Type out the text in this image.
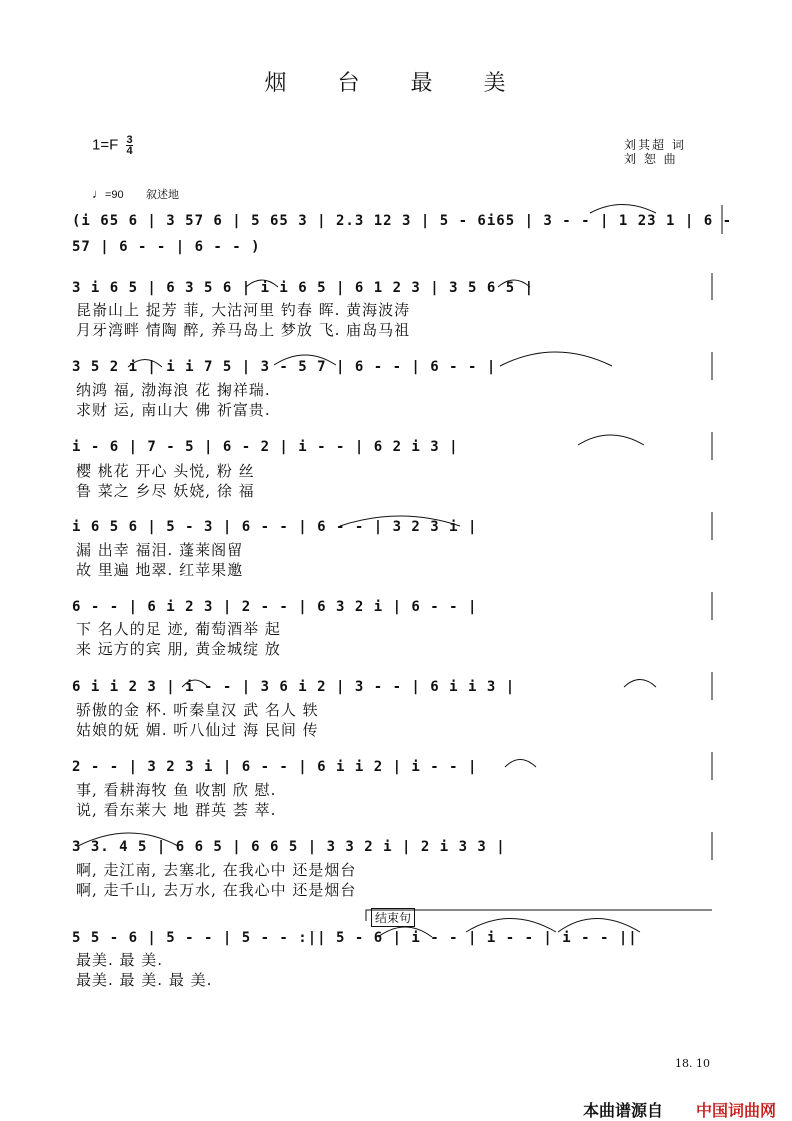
烟 台 最 美
$1=F \frac{3}{4}$	刘其超 词
刘 恕 曲
♩=90 叙述地
(i 65 6 | 3 57 6 | 5 65 3 | 2.3 12 3 | 5 - 6i65 | 3 - - | 1 23 1 | 6 - 57 | 6 - - | 6 - - )
3 i 6 5 | 6 3 5 6 | i i 6 5 | 6 1 2 3 | 3 5 6 5 |
昆嵛山上 捉芳 菲, 大沽河里 钓春 晖. 黄海波涛
月牙湾畔 情陶 醉, 养马岛上 梦放 飞. 庙岛马祖
3 5 2 i | i i 7 5 | 3 - 5 7 | 6 - - | 6 - - |
纳鸿 福, 渤海浪 花 掬祥瑞.
求财 运, 南山大 佛 祈富贵.
i - 6 | 7 - 5 | 6 - 2 | i - - | 6 2 i 3 |
樱 桃花 开心 头悦, 粉 丝
鲁 菜之 乡尽 妖娆, 徐 福
i 6 5 6 | 5 - 3 | 6 - - | 6 - - | 3 2 3 i |
漏 出幸 福泪. 蓬莱阁留
故 里遍 地翠. 红苹果邀
6 - - | 6 i 2 3 | 2 - - | 6 3 2 i | 6 - - |
下 名人的足 迹, 葡萄酒举 起
来 远方的宾 朋, 黄金城绽 放
6 i i 2 3 | i - - | 3 6 i 2 | 3 - - | 6 i i 3 |
骄傲的金 杯. 听秦皇汉 武 名人 轶
姑娘的妩 媚. 听八仙过 海 民间 传
2 - - | 3 2 3 i | 6 - - | 6 i i 2 | i - - |
事, 看耕海牧 鱼 收割 欣 慰.
说, 看东莱大 地 群英 荟 萃.
3 3. 4 5 | 6 6 5 | 6 6 5 | 3 3 2 i | 2 i 3 3 |
啊, 走江南, 去塞北, 在我心中 还是烟台
啊, 走千山, 去万水, 在我心中 还是烟台
5 5 - 6 | 5 - - | 5 - - :|| 5 - 6 | i - - | i - - | i - - ||
最美. 最 美.
最美. 最 美. 最 美.
结束句
18. 10
本曲谱源自 中国词曲网
